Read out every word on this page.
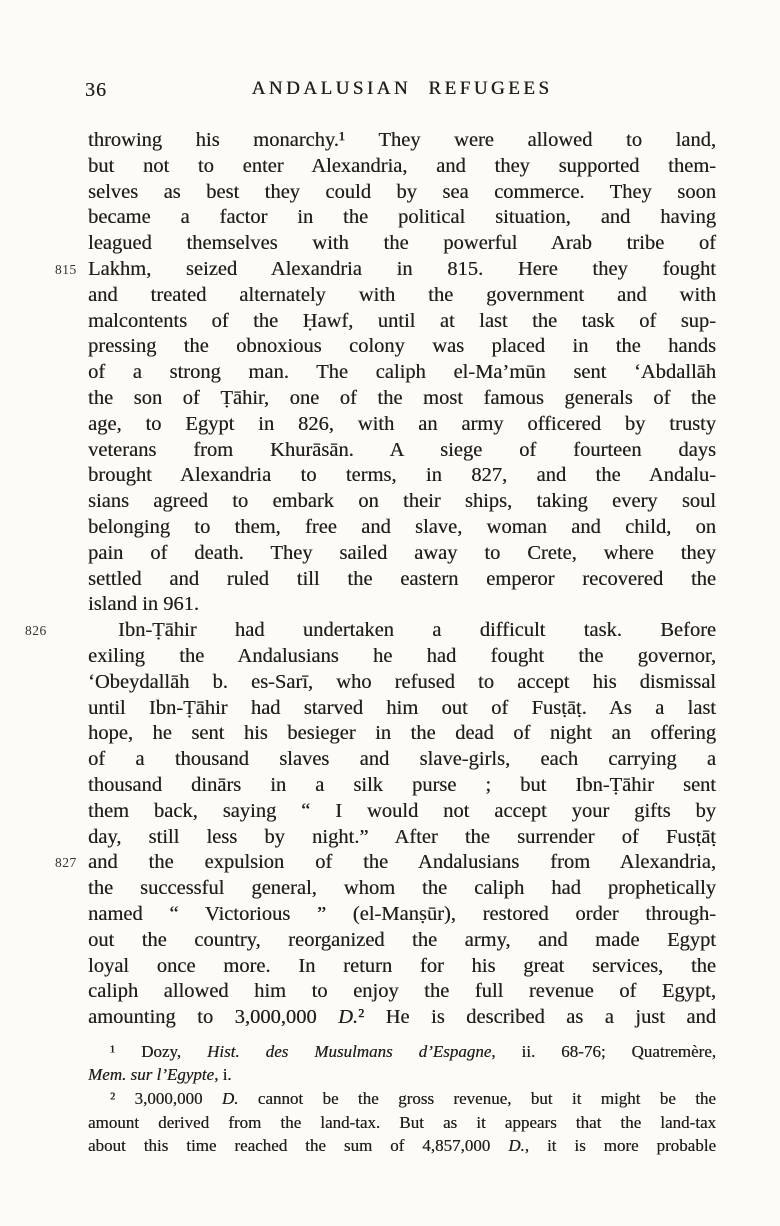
36	ANDALUSIAN REFUGEES
throwing his monarchy.¹ They were allowed to land,
but not to enter Alexandria, and they supported them-
selves as best they could by sea commerce. They soon
became a factor in the political situation, and having
leagued themselves with the powerful Arab tribe of
815 Lakhm, seized Alexandria in 815. Here they fought
and treated alternately with the government and with
malcontents of the Ḥawf, until at last the task of sup-
pressing the obnoxious colony was placed in the hands
of a strong man. The caliph el-Ma’mūn sent ‘Abdallāh
the son of Ṭāhir, one of the most famous generals of the
age, to Egypt in 826, with an army officered by trusty
veterans from Khurāsān. A siege of fourteen days
brought Alexandria to terms, in 827, and the Andalu-
sians agreed to embark on their ships, taking every soul
belonging to them, free and slave, woman and child, on
pain of death. They sailed away to Crete, where they
settled and ruled till the eastern emperor recovered the
island in 961.
826	Ibn-Ṭāhir had undertaken a difficult task. Before
exiling the Andalusians he had fought the governor,
‘Obeydallāh b. es-Sarī, who refused to accept his dismissal
until Ibn-Ṭāhir had starved him out of Fusṭāṭ. As a last
hope, he sent his besieger in the dead of night an offering
of a thousand slaves and slave-girls, each carrying a
thousand dinārs in a silk purse ; but Ibn-Ṭāhir sent
them back, saying “ I would not accept your gifts by
day, still less by night.” After the surrender of Fusṭāṭ
827 and the expulsion of the Andalusians from Alexandria,
the successful general, whom the caliph had prophetically
named “ Victorious ” (el-Manṣūr), restored order through-
out the country, reorganized the army, and made Egypt
loyal once more. In return for his great services, the
caliph allowed him to enjoy the full revenue of Egypt,
amounting to 3,000,000 D.² He is described as a just and
¹ Dozy, Hist. des Musulmans d’Espagne, ii. 68-76; Quatremère,
Mem. sur l’Egypte, i.
² 3,000,000 D. cannot be the gross revenue, but it might be the
amount derived from the land-tax. But as it appears that the land-tax
about this time reached the sum of 4,857,000 D., it is more probable
